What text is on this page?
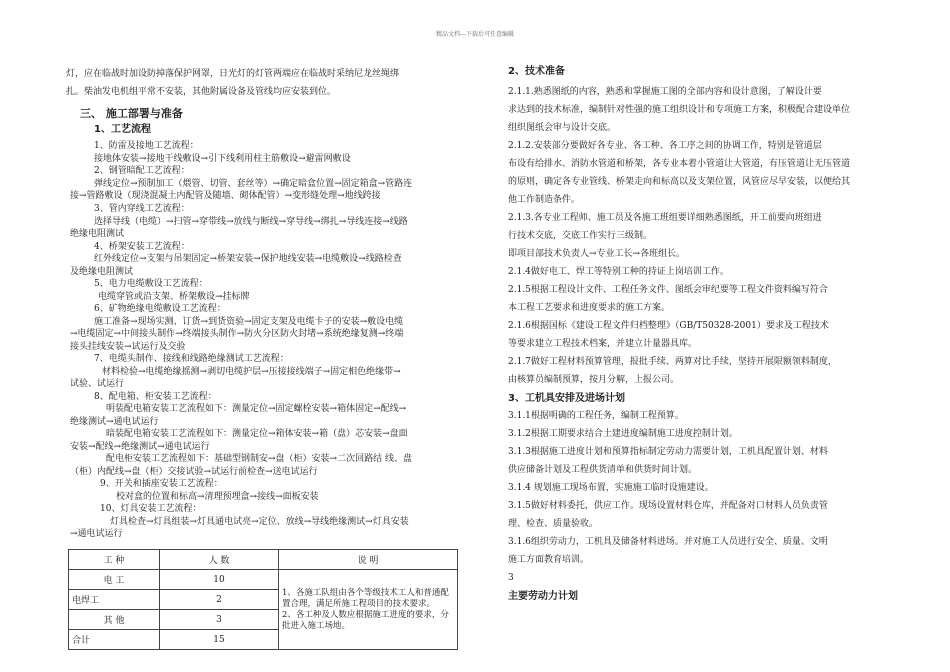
精品文档---下载后可任意编辑
灯，应在临战时加设防掉落保护网罩，日光灯的灯管两端应在临战时采纳尼龙丝绳绑
扎。柴油发电机组平常不安装，其他附属设备及管线均应安装到位。
三、 施工部署与准备
1、工艺流程
1、防雷及接地工艺流程：
接地体安装→接地干线敷设→引下线利用柱主筋敷设→避雷网敷设
2、钢管暗配工艺流程：
弹线定位→预制加工（煨管、切管、套丝等）→确定暗盒位置→固定箱盒→管路连
接→管路敷设（现浇混凝土内配管及随墙、砌体配管）→变形缝处理→地线跨接
3、管内穿线工艺流程：
选择导线（电缆）→扫管→穿带线→放线与断线→穿导线→绑扎→导线连接→线路
绝缘电阻测试
4、桥架安装工艺流程：
红外线定位→支架与吊架固定→桥架安装→保护地线安装→电缆敷设→线路检查
及绝缘电阻测试
5、电力电缆敷设工艺流程：
电缆穿管或沿支架、桥架敷设→挂标牌
6、矿物绝缘电缆敷设工艺流程：
施工准备→现场实测、订货→到货资验→固定支架及电缆卡子的安装→敷设电缆
→电缆固定→中间接头制作→终端接头制作→防火分区防火封堵→系统绝缘复测→终端
接头挂线安装→试运行及交验
7、电缆头制作、接线和线路绝缘测试工艺流程：
材料检验→电缆绝缘摇测→剥切电缆护层→压接接线端子→固定相色绝缘带→
试验、试运行
8、配电箱、柜安装工艺流程：
明装配电箱安装工艺流程如下：测量定位→固定螺栓安装→箱体固定→配线→
绝缘测试→通电试运行
暗装配电箱安装工艺流程如下：测量定位→箱体安装→箱（盘）芯安装→盘面
安装→配线→绝缘测试→通电试运行
配电柜安装工艺流程如下：基础型钢制安→盘（柜）安装→二次回路结 线、盘
（柜）内配线→盘（柜）交接试验→试运行前检查→送电试运行
9、开关和插座安装工艺流程：
校对盒的位置和标高→清理预埋盒→接线→面板安装
10、灯具安装工艺流程：
灯具检查→灯具组装→灯具通电试亮→定位、放线→导线绝缘测试→灯具安装
→通电试运行
工 种	人 数	说 明
电 工	10	1、各施工队组由各个等级技术工人和普通配置合理，满足所施工程项目的技术要求。
2、各工种及人数应根据施工进度的要求，分批进入施工场地。

电焊工	2	
其 他	3	
合计	15	
2、技术准备
2.1.1.熟悉图纸的内容，熟悉和掌握施工图的全部内容和设计意图，了解设计要
求达到的技术标准，编制针对性强的施工组织设计和专项施工方案，积极配合建设单位
组织图纸会审与设计交底。
2.1.2.安装部分要做好各专业、各工种、各工序之间的协调工作，特别是管道层
布设有给排水、消防水管道和桥架，各专业本着小管道让大管道，有压管道让无压管道
的原则，确定各专业管线、桥架走向和标高以及支架位置，风管应尽早安装，以便给其
他工作制造条件。
2.1.3.各专业工程师、施工员及各施工班组要详细熟悉图纸，开工前要向班组进
行技术交底，交底工作实行三级制。
即项目部技术负责人→专业工长→各班组长。
2.1.4做好电工、焊工等特别工种的持证上岗培训工作。
2.1.5根据工程设计文件、工程任务文件、图纸会审纪要等工程文件资料编写符合
本工程工艺要求和进度要求的施工方案。
2.1.6根据国标《建设工程文件归档整理》（GB/T50328-2001）要求及工程技术
等要求建立工程技术档案，并建立计量器具库。
2.1.7做好工程材料预算管理，报批手续、两算对比手续，坚持开展限额领料制度，
由核算员编制预算，按月分解，上报公司。
3、工机具安排及进场计划
3.1.1根据明确的工程任务，编制工程预算。
3.1.2根据工期要求结合土建进度编制施工进度控制计划。
3.1.3根据施工进度计划和预算指标制定劳动力需要计划，工机具配置计划、材料
供应储备计划及工程供货清单和供货时间计划。
3.1.4 规划施工现场布置，实施施工临时设施建设。
3.1.5做好材料委托，供应工作。现场设置材料仓库，并配备对口材料人员负责管
理、检查、质量验收。
3.1.6组织劳动力，工机具及储备材料进场。并对施工人员进行安全、质量、文明
施工方面教育培训。
3
主要劳动力计划
